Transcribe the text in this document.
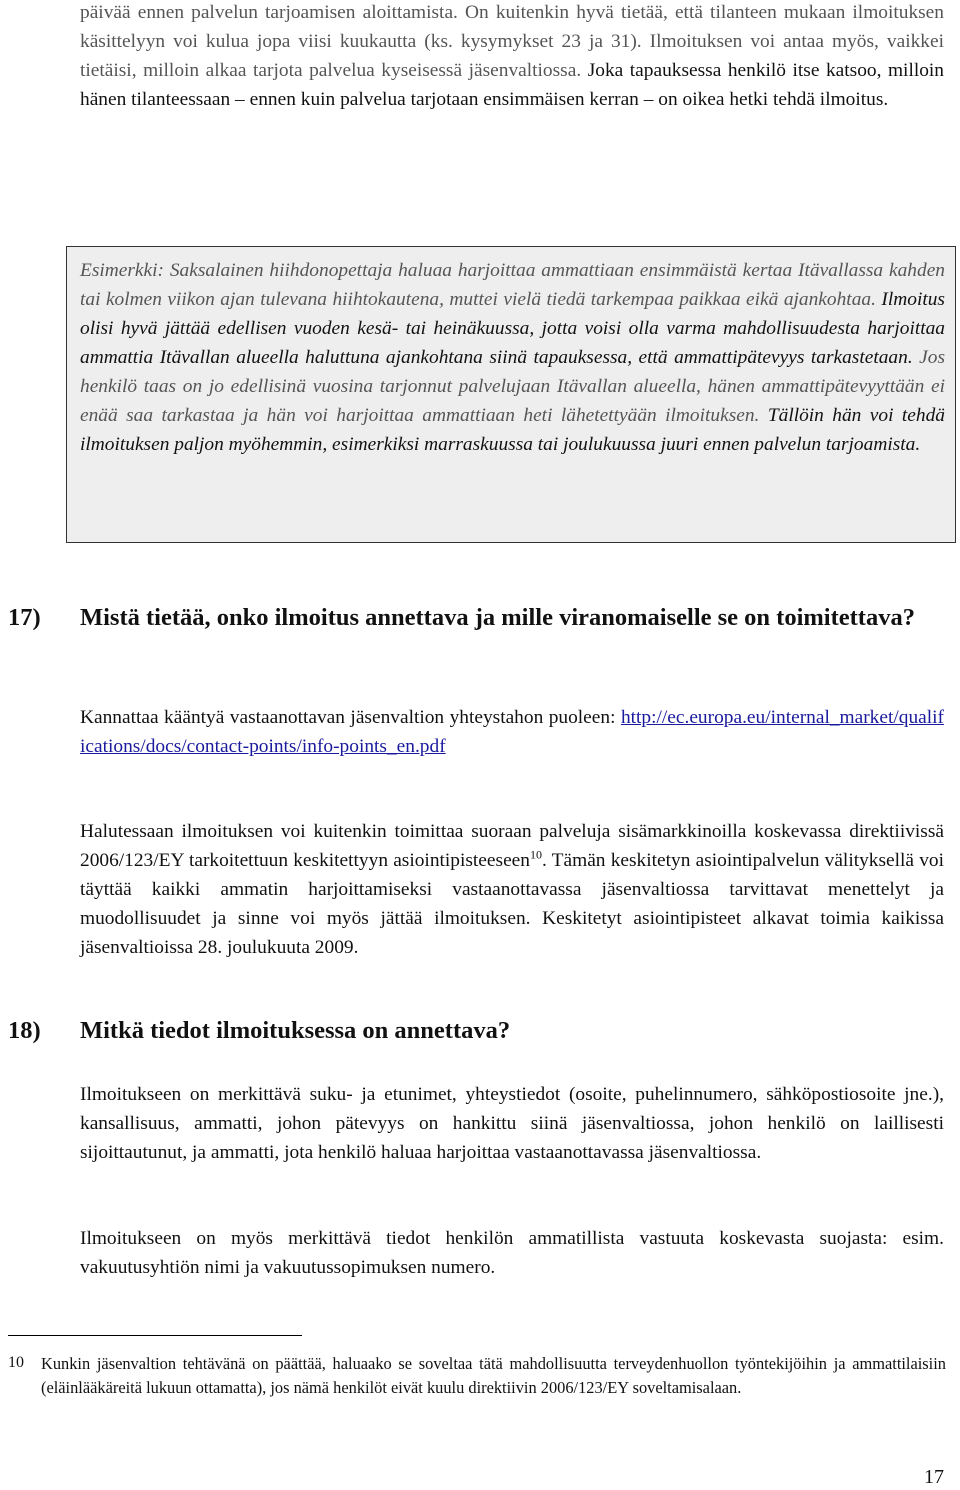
päivää ennen palvelun tarjoamisen aloittamista. On kuitenkin hyvä tietää, että tilanteen mukaan ilmoituksen käsittelyyn voi kulua jopa viisi kuukautta (ks. kysymykset 23 ja 31). Ilmoituksen voi antaa myös, vaikkei tietäisi, milloin alkaa tarjota palvelua kyseisessä jäsenvaltiossa. Joka tapauksessa henkilö itse katsoo, milloin hänen tilanteessaan – ennen kuin palvelua tarjotaan ensimmäisen kerran – on oikea hetki tehdä ilmoitus.

Esimerkki: Saksalainen hiihdonopettaja haluaa harjoittaa ammattiaan ensimmäistä kertaa Itävallassa kahden tai kolmen viikon ajan tulevana hiihtokautena, muttei vielä tiedä tarkempaa paikkaa eikä ajankohtaa. Ilmoitus olisi hyvä jättää edellisen vuoden kesä- tai heinäkuussa, jotta voisi olla varma mahdollisuudesta harjoittaa ammattia Itävallan alueella haluttuna ajankohtana siinä tapauksessa, että ammattipätevyys tarkastetaan. Jos henkilö taas on jo edellisinä vuosina tarjonnut palvelujaan Itävallan alueella, hänen ammattipätevyyttään ei enää saa tarkastaa ja hän voi harjoittaa ammattiaan heti lähetettyään ilmoituksen. Tällöin hän voi tehdä ilmoituksen paljon myöhemmin, esimerkiksi marraskuussa tai joulukuussa juuri ennen palvelun tarjoamista.

17) Mistä tietää, onko ilmoitus annettava ja mille viranomaiselle se on toimitettava?

Kannattaa kääntyä vastaanottavan jäsenvaltion yhteystahon puoleen: http://ec.europa.eu/internal_market/qualifications/docs/contact-points/info-points_en.pdf

Halutessaan ilmoituksen voi kuitenkin toimittaa suoraan palveluja sisämarkkinoilla koskevassa direktiivissä 2006/123/EY tarkoitettuun keskitettyyn asiointipisteeseen$^{10}$. Tämän keskitetyn asiointipalvelun välityksellä voi täyttää kaikki ammatin harjoittamiseksi vastaanottavassa jäsenvaltiossa tarvittavat menettelyt ja muodollisuudet ja sinne voi myös jättää ilmoituksen. Keskitetyt asiointipisteet alkavat toimia kaikissa jäsenvaltioissa 28. joulukuuta 2009.

18) Mitkä tiedot ilmoituksessa on annettava?

Ilmoitukseen on merkittävä suku- ja etunimet, yhteystiedot (osoite, puhelinnumero, sähköpostiosoite jne.), kansallisuus, ammatti, johon pätevyys on hankittu siinä jäsenvaltiossa, johon henkilö on laillisesti sijoittautunut, ja ammatti, jota henkilö haluaa harjoittaa vastaanottavassa jäsenvaltiossa.

Ilmoitukseen on myös merkittävä tiedot henkilön ammatillista vastuuta koskevasta suojasta: esim. vakuutusyhtiön nimi ja vakuutussopimuksen numero.

10 Kunkin jäsenvaltion tehtävänä on päättää, haluaako se soveltaa tätä mahdollisuutta terveydenhuollon työntekijöihin ja ammattilaisiin (eläinlääkäreitä lukuun ottamatta), jos nämä henkilöt eivät kuulu direktiivin 2006/123/EY soveltamisalaan.

17
